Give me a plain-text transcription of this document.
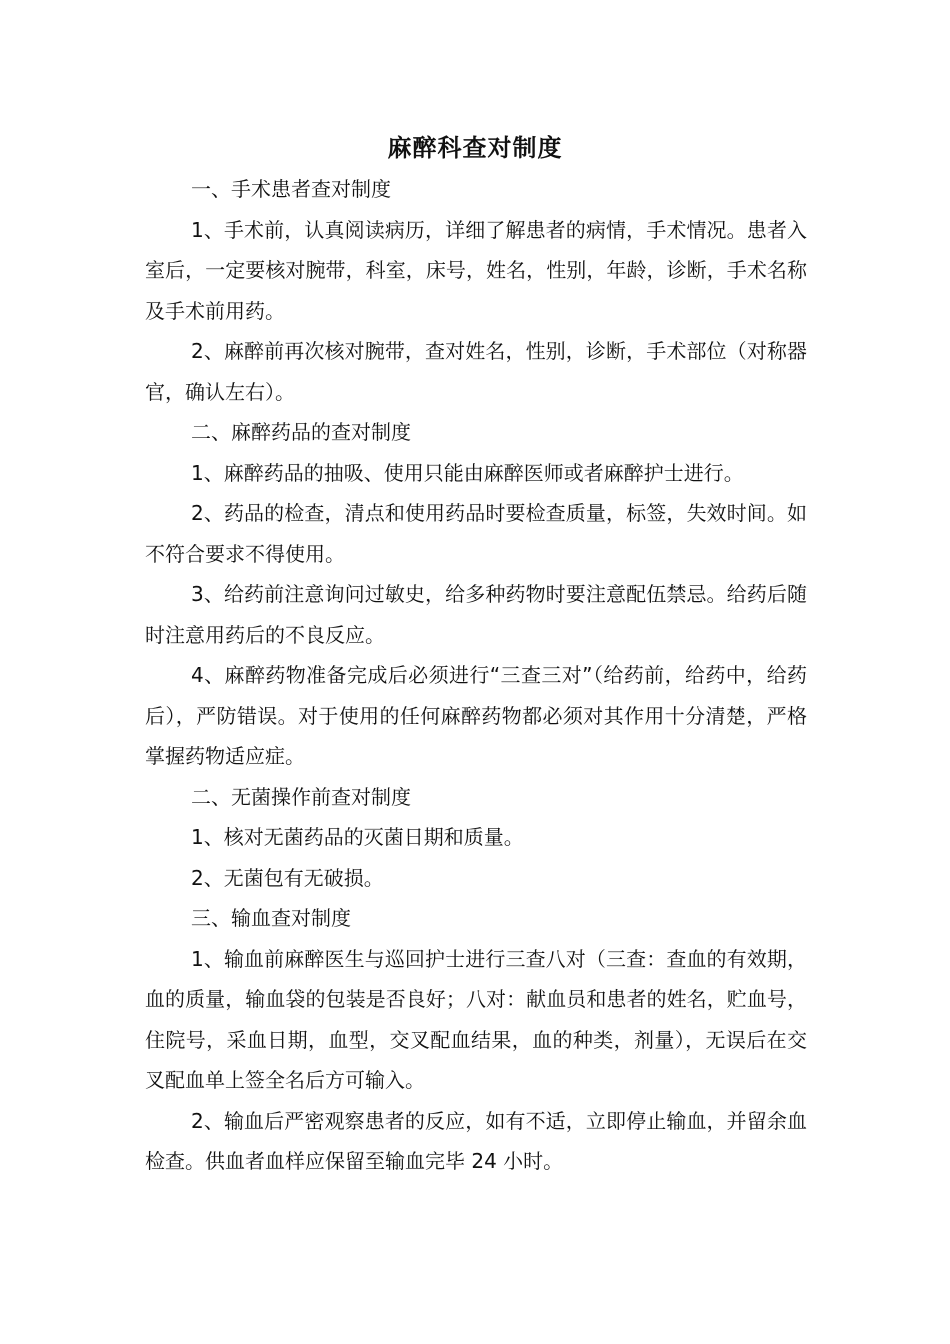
麻醉科查对制度

一、手术患者查对制度

1、手术前，认真阅读病历，详细了解患者的病情，手术情况。患者入室后，一定要核对腕带，科室，床号，姓名，性别，年龄，诊断，手术名称及手术前用药。

2、麻醉前再次核对腕带，查对姓名，性别，诊断，手术部位（对称器官，确认左右）。

二、麻醉药品的查对制度

1、麻醉药品的抽吸、使用只能由麻醉医师或者麻醉护士进行。

2、药品的检查，清点和使用药品时要检查质量，标签，失效时间。如不符合要求不得使用。

3、给药前注意询问过敏史，给多种药物时要注意配伍禁忌。给药后随时注意用药后的不良反应。

4、麻醉药物准备完成后必须进行“三查三对”（给药前，给药中，给药后），严防错误。对于使用的任何麻醉药物都必须对其作用十分清楚，严格掌握药物适应症。

二、无菌操作前查对制度

1、核对无菌药品的灭菌日期和质量。

2、无菌包有无破损。

三、输血查对制度

1、输血前麻醉医生与巡回护士进行三查八对（三查：查血的有效期，血的质量，输血袋的包装是否良好；八对：献血员和患者的姓名，贮血号，住院号，采血日期，血型，交叉配血结果，血的种类，剂量），无误后在交叉配血单上签全名后方可输入。

2、输血后严密观察患者的反应，如有不适，立即停止输血，并留余血检查。供血者血样应保留至输血完毕 24 小时。
